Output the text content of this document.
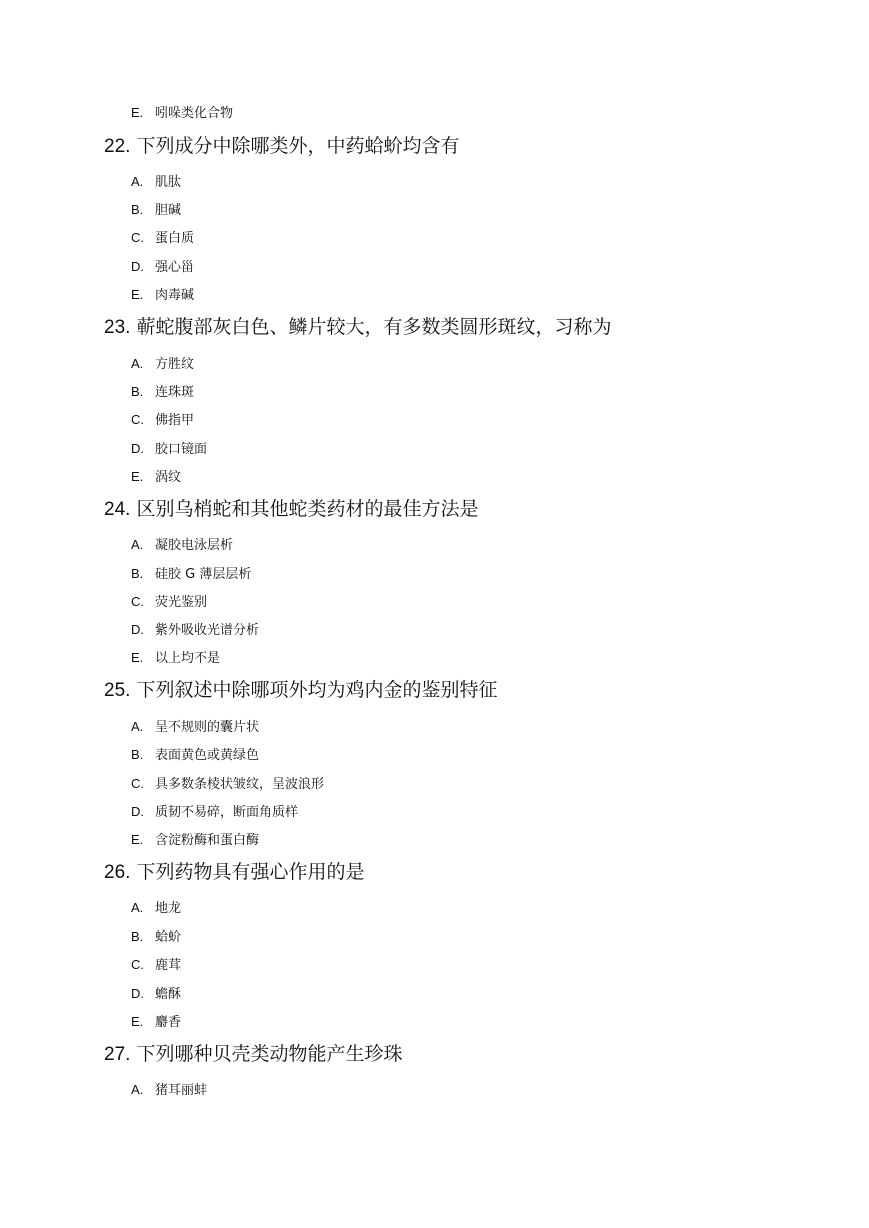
E. 吲哚类化合物
22. 下列成分中除哪类外，中药蛤蚧均含有
A. 肌肽
B. 胆碱
C. 蛋白质
D. 强心甾
E. 肉毒碱
23. 蕲蛇腹部灰白色、鳞片较大，有多数类圆形斑纹，习称为
A. 方胜纹
B. 连珠斑
C. 佛指甲
D. 胶口镜面
E. 涡纹
24. 区别乌梢蛇和其他蛇类药材的最佳方法是
A. 凝胶电泳层析
B. 硅胶 G 薄层层析
C. 荧光鉴别
D. 紫外吸收光谱分析
E. 以上均不是
25. 下列叙述中除哪项外均为鸡内金的鉴别特征
A. 呈不规则的囊片状
B. 表面黄色或黄绿色
C. 具多数条棱状皱纹，呈波浪形
D. 质韧不易碎，断面角质样
E. 含淀粉酶和蛋白酶
26. 下列药物具有强心作用的是
A. 地龙
B. 蛤蚧
C. 鹿茸
D. 蟾酥
E. 麝香
27. 下列哪种贝壳类动物能产生珍珠
A. 猪耳丽蚌
